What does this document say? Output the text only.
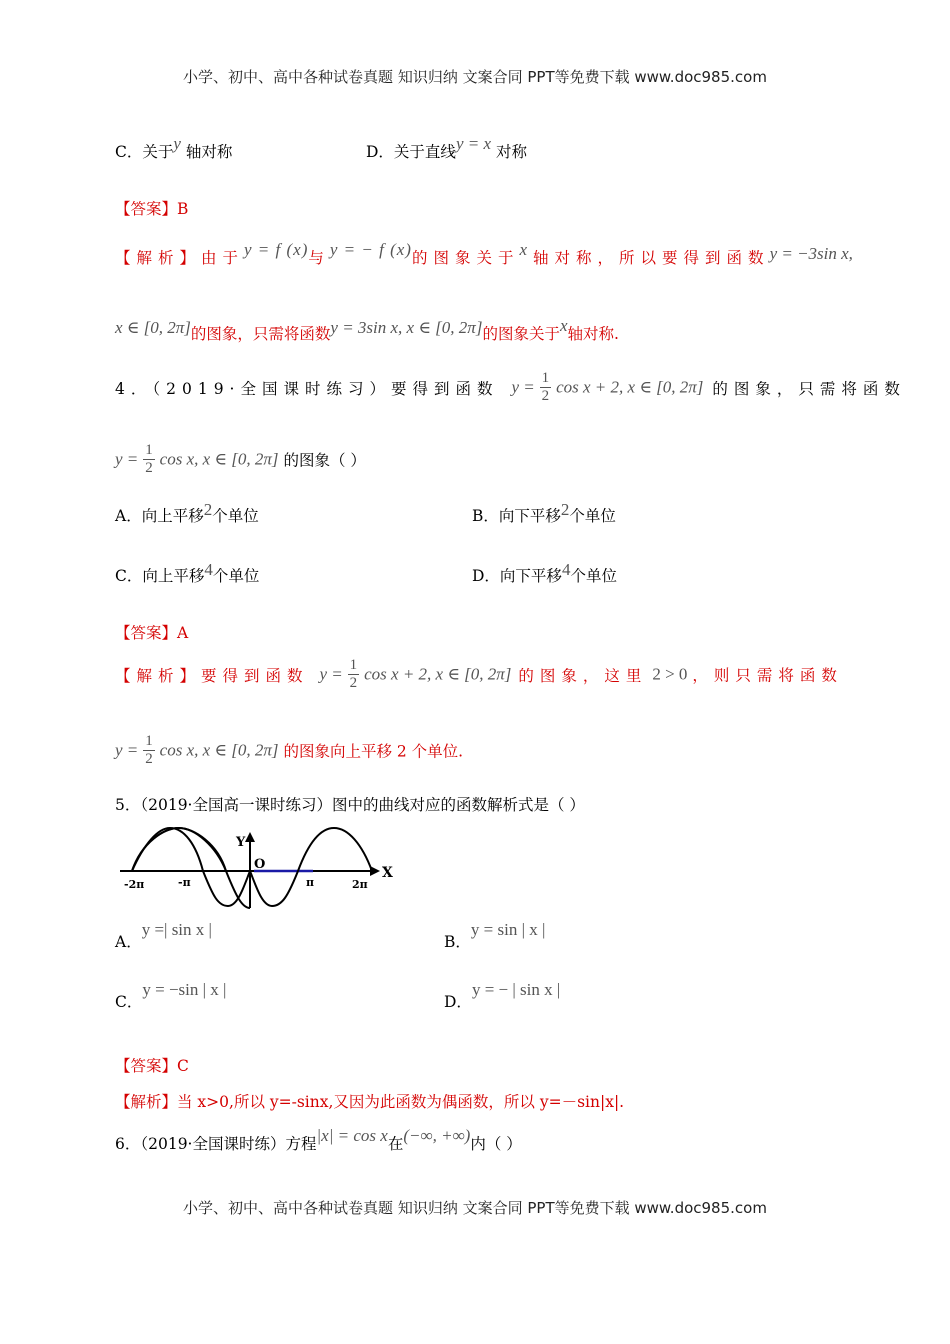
小学、初中、高中各种试卷真题 知识归纳 文案合同 PPT等免费下载 www.doc985.com
C．关于y 轴对称	D．关于直线y = x 对称
【答案】B
【解析】由于y = f (x)与y = − f (x)的图象关于x轴对称，所以要得到函数y = −3sin x,
x ∈ [0, 2π]的图象，只需将函数y = 3sin x, x ∈ [0, 2π]的图象关于x轴对称.
4．（2019·全国课时练习）要得到函数 $y = \frac{1}{2}$ cos x + 2, x ∈ [0, 2π] 的图象，只需将函数
$y = \frac{1}{2}$ cos x, x ∈ [0, 2π] 的图象（ ）
A．向上平移2个单位	B．向下平移2个单位
C．向上平移4个单位	D．向下平移4个单位
【答案】A
【解析】要得到函数 $y = \frac{1}{2}$ cos x + 2, x ∈ [0, 2π] 的图象，这里 2 > 0 ，则只需将函数
$y = \frac{1}{2}$ cos x, x ∈ [0, 2π] 的图象向上平移 2 个单位.
5．（2019·全国高一课时练习）图中的曲线对应的函数解析式是（ ）
Y
O
X
-2π	-π	π	2π
A．y =| sin x |
B．y = sin | x |
C．y = −sin | x |
D．y = − | sin x |
【答案】C
【解析】当 x>0,所以 y=-sinx,又因为此函数为偶函数，所以 y=－sin|x|.
6．（2019·全国课时练）方程|x| = cos x在(−∞, +∞)内（ ）
小学、初中、高中各种试卷真题 知识归纳 文案合同 PPT等免费下载 www.doc985.com
